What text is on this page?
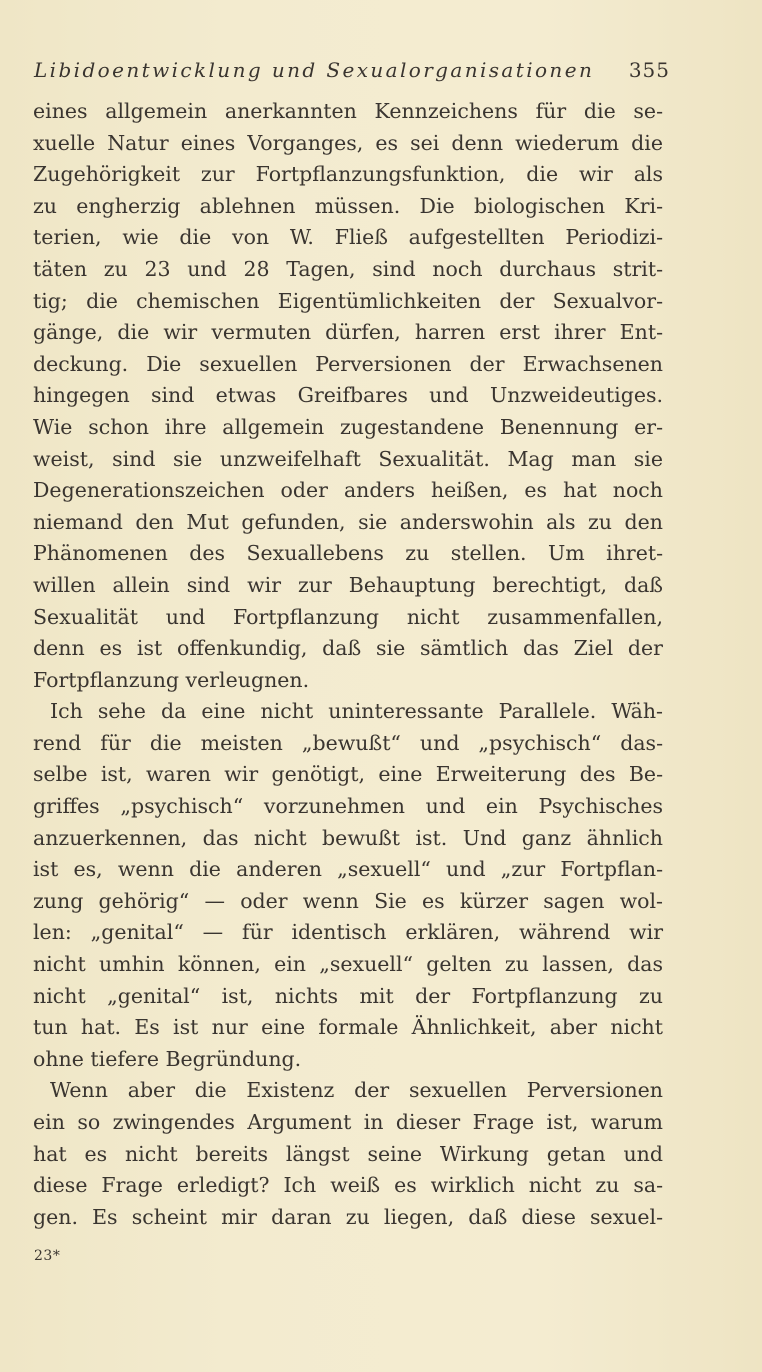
Libidoentwicklung und Sexualorganisationen 355
eines allgemein anerkannten Kennzeichens für die se-
xuelle Natur eines Vorganges, es sei denn wiederum die
Zugehörigkeit zur Fortpflanzungsfunktion, die wir als
zu engherzig ablehnen müssen. Die biologischen Kri-
terien, wie die von W. Fließ aufgestellten Periodizi-
täten zu 23 und 28 Tagen, sind noch durchaus strit-
tig; die chemischen Eigentümlichkeiten der Sexualvor-
gänge, die wir vermuten dürfen, harren erst ihrer Ent-
deckung. Die sexuellen Perversionen der Erwachsenen
hingegen sind etwas Greifbares und Unzweideutiges.
Wie schon ihre allgemein zugestandene Benennung er-
weist, sind sie unzweifelhaft Sexualität. Mag man sie
Degenerationszeichen oder anders heißen, es hat noch
niemand den Mut gefunden, sie anderswohin als zu den
Phänomenen des Sexuallebens zu stellen. Um ihret-
willen allein sind wir zur Behauptung berechtigt, daß
Sexualität und Fortpflanzung nicht zusammenfallen,
denn es ist offenkundig, daß sie sämtlich das Ziel der
Fortpflanzung verleugnen.
Ich sehe da eine nicht uninteressante Parallele. Wäh-
rend für die meisten „bewußt“ und „psychisch“ das-
selbe ist, waren wir genötigt, eine Erweiterung des Be-
griffes „psychisch“ vorzunehmen und ein Psychisches
anzuerkennen, das nicht bewußt ist. Und ganz ähnlich
ist es, wenn die anderen „sexuell“ und „zur Fortpflan-
zung gehörig“ — oder wenn Sie es kürzer sagen wol-
len: „genital“ — für identisch erklären, während wir
nicht umhin können, ein „sexuell“ gelten zu lassen, das
nicht „genital“ ist, nichts mit der Fortpflanzung zu
tun hat. Es ist nur eine formale Ähnlichkeit, aber nicht
ohne tiefere Begründung.
Wenn aber die Existenz der sexuellen Perversionen
ein so zwingendes Argument in dieser Frage ist, warum
hat es nicht bereits längst seine Wirkung getan und
diese Frage erledigt? Ich weiß es wirklich nicht zu sa-
gen. Es scheint mir daran zu liegen, daß diese sexuel-
23*
